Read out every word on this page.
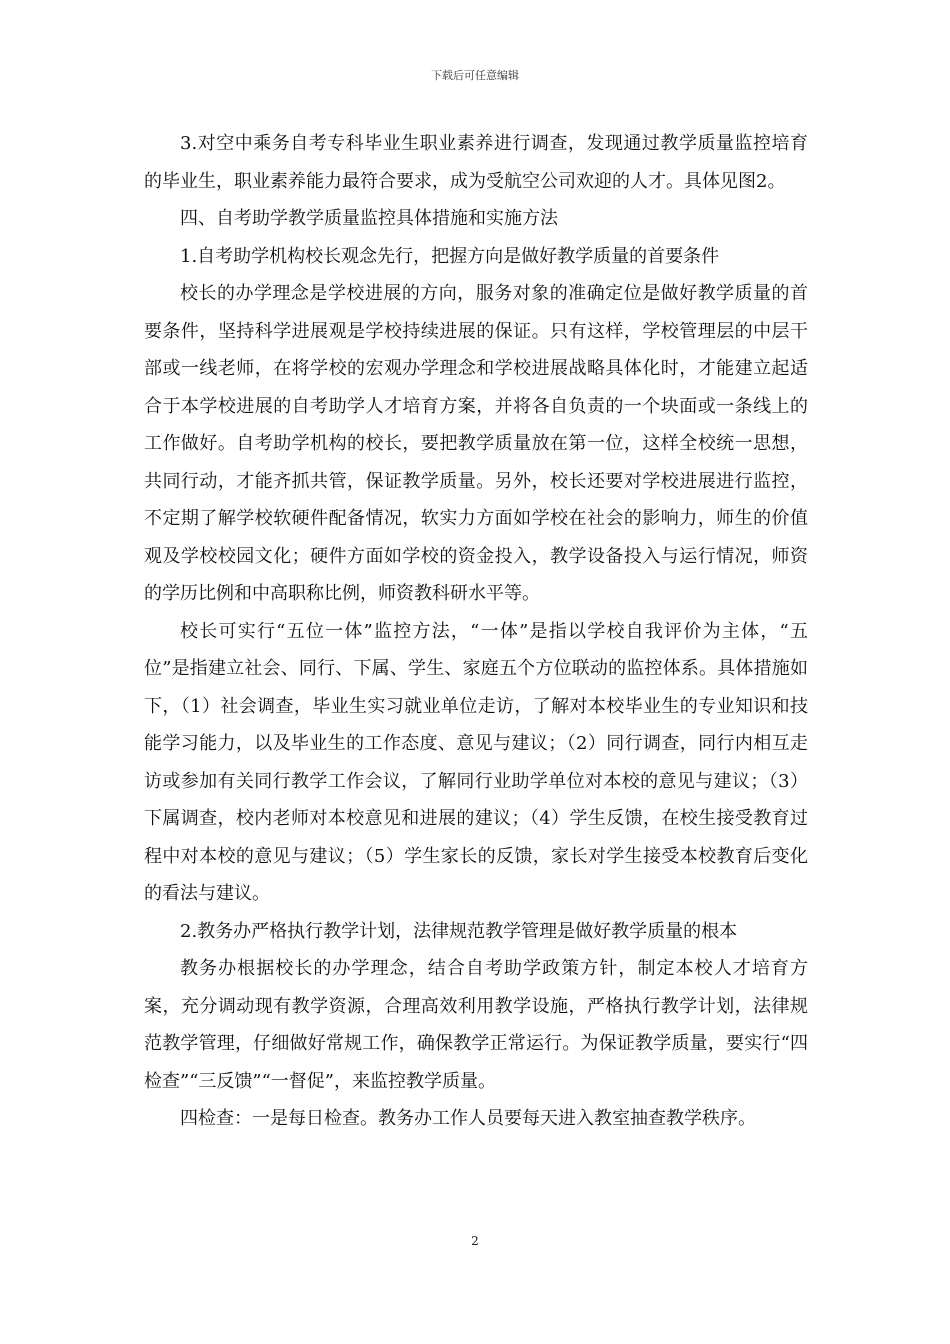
下载后可任意编辑

3.对空中乘务自考专科毕业生职业素养进行调查，发现通过教学质量监控培育的毕业生，职业素养能力最符合要求，成为受航空公司欢迎的人才。具体见图2。

四、自考助学教学质量监控具体措施和实施方法

1.自考助学机构校长观念先行，把握方向是做好教学质量的首要条件

校长的办学理念是学校进展的方向，服务对象的准确定位是做好教学质量的首要条件，坚持科学进展观是学校持续进展的保证。只有这样，学校管理层的中层干部或一线老师，在将学校的宏观办学理念和学校进展战略具体化时，才能建立起适合于本学校进展的自考助学人才培育方案，并将各自负责的一个块面或一条线上的工作做好。自考助学机构的校长，要把教学质量放在第一位，这样全校统一思想，共同行动，才能齐抓共管，保证教学质量。另外，校长还要对学校进展进行监控，不定期了解学校软硬件配备情况，软实力方面如学校在社会的影响力，师生的价值观及学校校园文化；硬件方面如学校的资金投入，教学设备投入与运行情况，师资的学历比例和中高职称比例，师资教科研水平等。

校长可实行“五位一体”监控方法，“一体”是指以学校自我评价为主体，“五位”是指建立社会、同行、下属、学生、家庭五个方位联动的监控体系。具体措施如下，（1）社会调查，毕业生实习就业单位走访，了解对本校毕业生的专业知识和技能学习能力，以及毕业生的工作态度、意见与建议；（2）同行调查，同行内相互走访或参加有关同行教学工作会议，了解同行业助学单位对本校的意见与建议；（3）下属调查，校内老师对本校意见和进展的建议；（4）学生反馈，在校生接受教育过程中对本校的意见与建议；（5）学生家长的反馈，家长对学生接受本校教育后变化的看法与建议。

2.教务办严格执行教学计划，法律规范教学管理是做好教学质量的根本

教务办根据校长的办学理念，结合自考助学政策方针，制定本校人才培育方案，充分调动现有教学资源，合理高效利用教学设施，严格执行教学计划，法律规范教学管理，仔细做好常规工作，确保教学正常运行。为保证教学质量，要实行“四检查”“三反馈”“一督促”，来监控教学质量。

四检查：一是每日检查。教务办工作人员要每天进入教室抽查教学秩序。

2
